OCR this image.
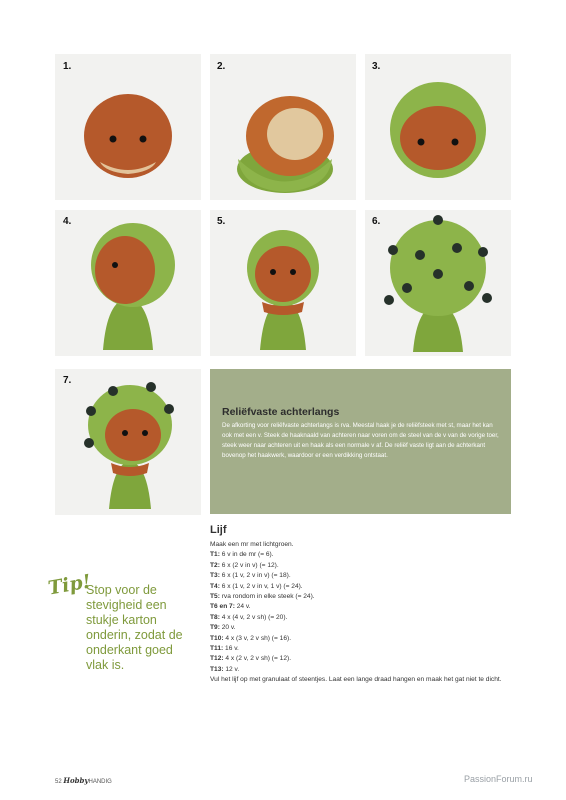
1.	2.	3.
4.	5.	6.
7.
Reliëfvaste achterlangs

De afkorting voor reliëfvaste achterlangs is rva. Meestal haak je de reliëfsteek met st, maar het kan ook met een v. Steek de haaknaald van achteren naar voren om de steel van de v van de vorige toer, steek weer naar achteren uit en haak als een normale v af. De reliëf vaste ligt aan de achterkant bovenop het haakwerk, waardoor er een verdikking ontstaat.

Tip!
Stop voor de stevigheid een stukje karton onderin, zodat de onderkant goed vlak is.
Lijf
Maak een mr met lichtgroen.
T1: 6 v in de mr (= 6).
T2: 6 x (2 v in v) (= 12).
T3: 6 x (1 v, 2 v in v) (= 18).
T4: 6 x (1 v, 2 v in v, 1 v) (= 24).
T5: rva rondom in elke steek (= 24).
T6 en 7: 24 v.
T8: 4 x (4 v, 2 v sh) (= 20).
T9: 20 v.
T10: 4 x (3 v, 2 v sh) (= 16).
T11: 16 v.
T12: 4 x (2 v, 2 v sh) (= 12).
T13: 12 v.
Vul het lijf op met granulaat of steentjes. Laat een lange draad hangen en maak het gat niet te dicht.
52 HobbyHANDIG	PassionForum.ru
